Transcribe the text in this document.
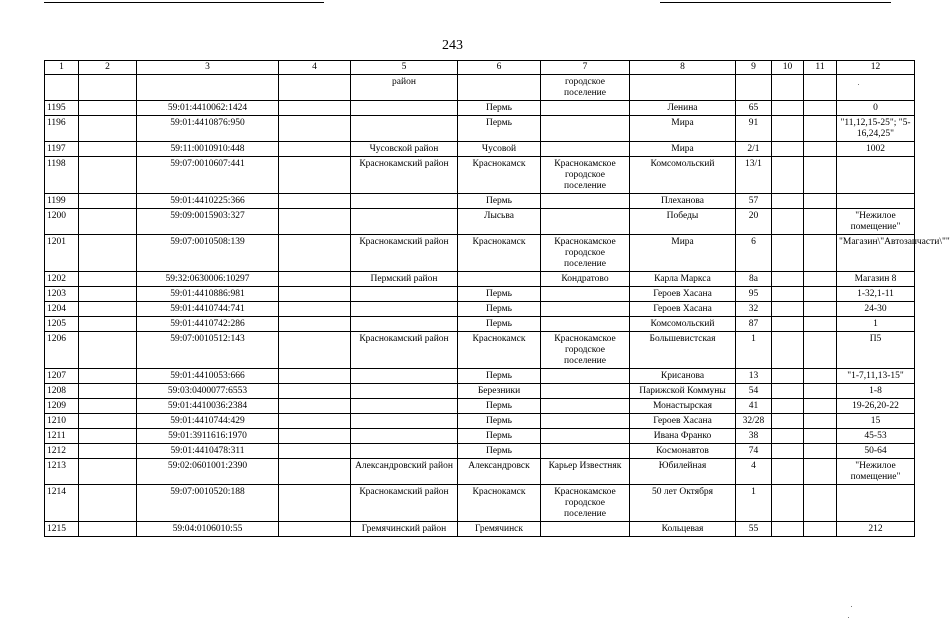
243
1	2	3	4	5	6	7	8	9	10	11	12
				район		городское поселение					
1195		59:01:4410062:1424			Пермь		Ленина	65			0
1196		59:01:4410876:950			Пермь		Мира	91			"11,12,15-25"; "5-16,24,25"
1197		59:11:0010910:448		Чусовской район	Чусовой		Мира	2/1			1002
1198		59:07:0010607:441		Краснокамский район	Краснокамск	Краснокамское городское поселение	Комсомольский	13/1			
1199		59:01:4410225:366			Пермь		Плеханова	57			
1200		59:09:0015903:327			Лысьва		Победы	20			"Нежилое помещение"
1201		59:07:0010508:139		Краснокамский район	Краснокамск	Краснокамское городское поселение	Мира	6			"Магазин\"Автозапчасти\""
1202		59:32:0630006:10297		Пермский район		Кондратово	Карла Маркса	8а			Магазин 8
1203		59:01:4410886:981			Пермь		Героев Хасана	95			1-32,1-11
1204		59:01:4410744:741			Пермь		Героев Хасана	32			24-30
1205		59:01:4410742:286			Пермь		Комсомольский	87			1
1206		59:07:0010512:143		Краснокамский район	Краснокамск	Краснокамское городское поселение	Большевистская	1			П5
1207		59:01:4410053:666			Пермь		Крисанова	13			"1-7,11,13-15"
1208		59:03:0400077:6553			Березники		Парижской Коммуны	54			1-8
1209		59:01:4410036:2384			Пермь		Монастырская	41			19-26,20-22
1210		59:01:4410744:429			Пермь		Героев Хасана	32/28			15
1211		59:01:3911616:1970			Пермь		Ивана Франко	38			45-53
1212		59:01:4410478:311			Пермь		Космонавтов	74			50-64
1213		59:02:0601001:2390		Александровский район	Александровск	Карьер Известняк	Юбилейная	4			"Нежилое помещение"
1214		59:07:0010520:188		Краснокамский район	Краснокамск	Краснокамское городское поселение	50 лет Октября	1			
1215		59:04:0106010:55		Гремячинский район	Гремячинск		Кольцевая	55			212
